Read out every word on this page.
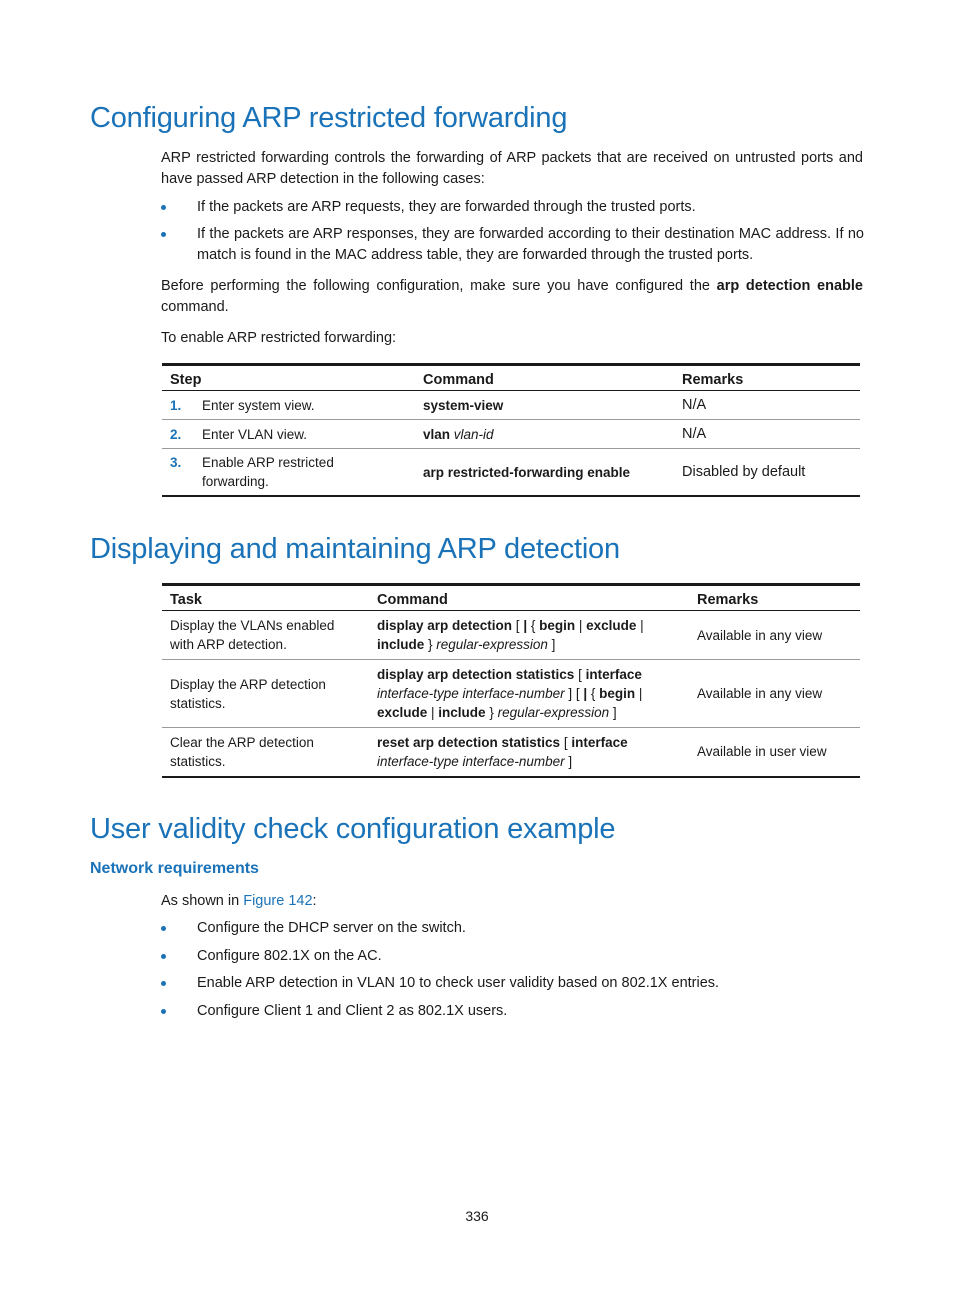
Configuring ARP restricted forwarding

ARP restricted forwarding controls the forwarding of ARP packets that are received on untrusted ports and have passed ARP detection in the following cases:

If the packets are ARP requests, they are forwarded through the trusted ports.
If the packets are ARP responses, they are forwarded according to their destination MAC address. If no match is found in the MAC address table, they are forwarded through the trusted ports.

Before performing the following configuration, make sure you have configured the arp detection enable command.

To enable ARP restricted forwarding:

Step	Command	Remarks
1. Enter system view.	system-view	N/A
2. Enter VLAN view.	vlan vlan-id	N/A
3. Enable ARP restricted forwarding.	arp restricted-forwarding enable	Disabled by default
Displaying and maintaining ARP detection
Task	Command	Remarks
Display the VLANs enabled with ARP detection.	display arp detection [ | { begin | exclude | include } regular-expression ]	Available in any view
Display the ARP detection statistics.	display arp detection statistics [ interface
interface-type interface-number ] [ | { begin |
exclude | include } regular-expression ]	Available in any view
Clear the ARP detection statistics.	reset arp detection statistics [ interface
interface-type interface-number ]	Available in user view
User validity check configuration example
Network requirements

As shown in Figure 142:

Configure the DHCP server on the switch.
Configure 802.1X on the AC.
Enable ARP detection in VLAN 10 to check user validity based on 802.1X entries.
Configure Client 1 and Client 2 as 802.1X users.
336
